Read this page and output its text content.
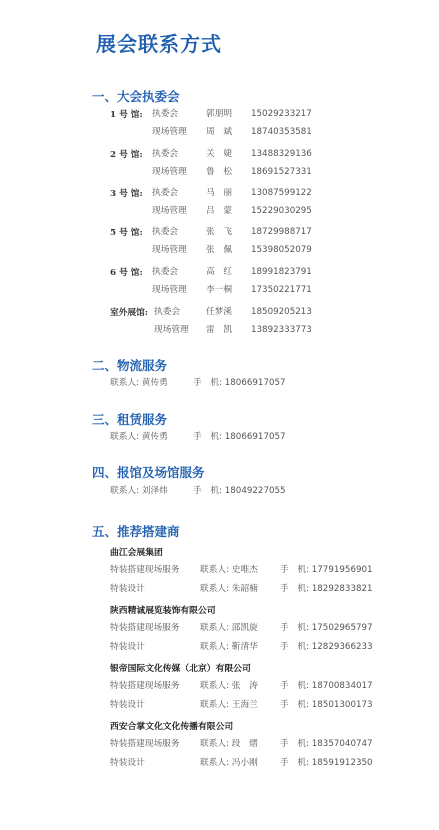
展会联系方式
一、大会执委会
1 号 馆: 执委会	郭朋明 15029233217
现场管理 周　斌 18740353581
2 号 馆: 执委会	关　婕 13488329136
现场管理 鲁　松 18691527331
3 号 馆: 执委会	马　丽 13087599122
现场管理 吕　蒙 15229030295
5 号 馆: 执委会	张　飞 18729988717
现场管理 张　佩 15398052079
6 号 馆: 执委会	高　红 18991823791
现场管理 李一桐 17350221771
室外展馆: 执委会	任梦溪 18509205213
现场管理 雷　凯 13892333773
二、物流服务
联系人: 黄传勇	手　机: 18066917057
三、租赁服务
联系人: 黄传勇	手　机: 18066917057
四、报馆及场馆服务
联系人: 刘泽炜	手　机: 18049227055
五、推荐搭建商
曲江会展集团
特装搭建现场服务 联系人: 史唯杰	手　机: 17791956901
特装设计	联系人: 朱韶楠	手　机: 18292833821
陕西精诚展览装饰有限公司
特装搭建现场服务 联系人: 邵凯旋	手　机: 17502965797
特装设计	联系人: 靳清华	手　机: 12829366233
银帝国际文化传媒（北京）有限公司
特装搭建现场服务 联系人: 张　涛	手　机: 18700834017
特装设计	联系人: 王海兰	手　机: 18501300173
西安合掌文化文化传播有限公司
特装搭建现场服务 联系人: 段　熠	手　机: 18357040747
特装设计	联系人: 冯小刚	手　机: 18591912350
